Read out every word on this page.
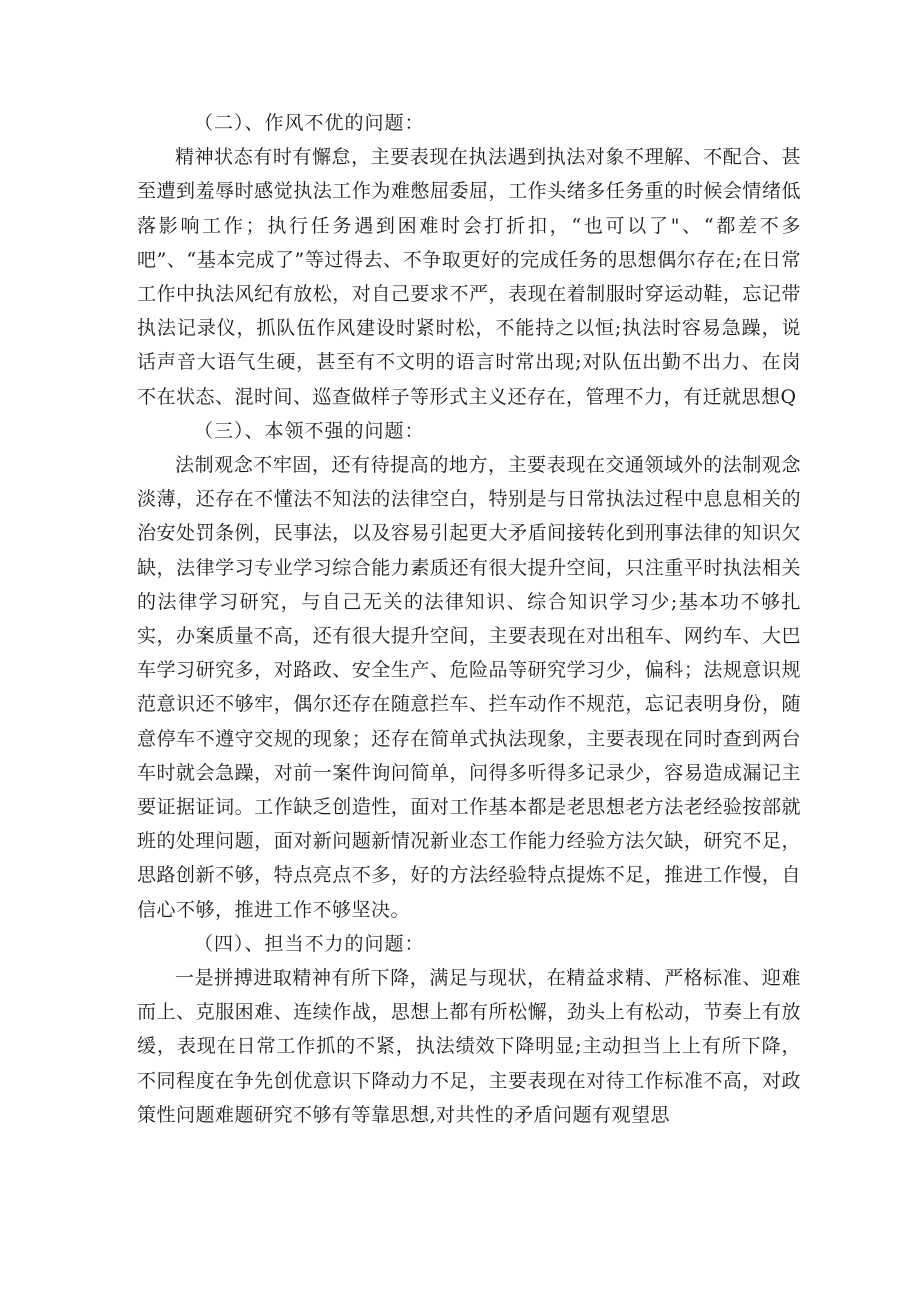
（二）、作风不优的问题：

精神状态有时有懈怠，主要表现在执法遇到执法对象不理解、不配合、甚至遭到羞辱时感觉执法工作为难憋屈委屈，工作头绪多任务重的时候会情绪低落影响工作；执行任务遇到困难时会打折扣，“也可以了"、“都差不多吧”、“基本完成了”等过得去、不争取更好的完成任务的思想偶尔存在;在日常工作中执法风纪有放松，对自己要求不严，表现在着制服时穿运动鞋，忘记带执法记录仪，抓队伍作风建设时紧时松，不能持之以恒;执法时容易急躁，说话声音大语气生硬，甚至有不文明的语言时常出现;对队伍出勤不出力、在岗不在状态、混时间、巡查做样子等形式主义还存在，管理不力，有迁就思想Q

（三）、本领不强的问题：

法制观念不牢固，还有待提高的地方，主要表现在交通领域外的法制观念淡薄，还存在不懂法不知法的法律空白，特别是与日常执法过程中息息相关的治安处罚条例，民事法，以及容易引起更大矛盾间接转化到刑事法律的知识欠缺，法律学习专业学习综合能力素质还有很大提升空间，只注重平时执法相关的法律学习研究，与自己无关的法律知识、综合知识学习少;基本功不够扎实，办案质量不高，还有很大提升空间，主要表现在对出租车、网约车、大巴车学习研究多，对路政、安全生产、危险品等研究学习少，偏科；法规意识规范意识还不够牢，偶尔还存在随意拦车、拦车动作不规范，忘记表明身份，随意停车不遵守交规的现象；还存在简单式执法现象，主要表现在同时查到两台车时就会急躁，对前一案件询问简单，问得多听得多记录少，容易造成漏记主要证据证词。工作缺乏创造性，面对工作基本都是老思想老方法老经验按部就班的处理问题，面对新问题新情况新业态工作能力经验方法欠缺，研究不足，思路创新不够，特点亮点不多，好的方法经验特点提炼不足，推进工作慢，自信心不够，推进工作不够坚决。

（四）、担当不力的问题：

一是拼搏进取精神有所下降，满足与现状，在精益求精、严格标准、迎难而上、克服困难、连续作战，思想上都有所松懈，劲头上有松动，节奏上有放缓，表现在日常工作抓的不紧，执法绩效下降明显;主动担当上上有所下降，不同程度在争先创优意识下降动力不足，主要表现在对待工作标准不高，对政策性问题难题研究不够有等靠思想,对共性的矛盾问题有观望思
